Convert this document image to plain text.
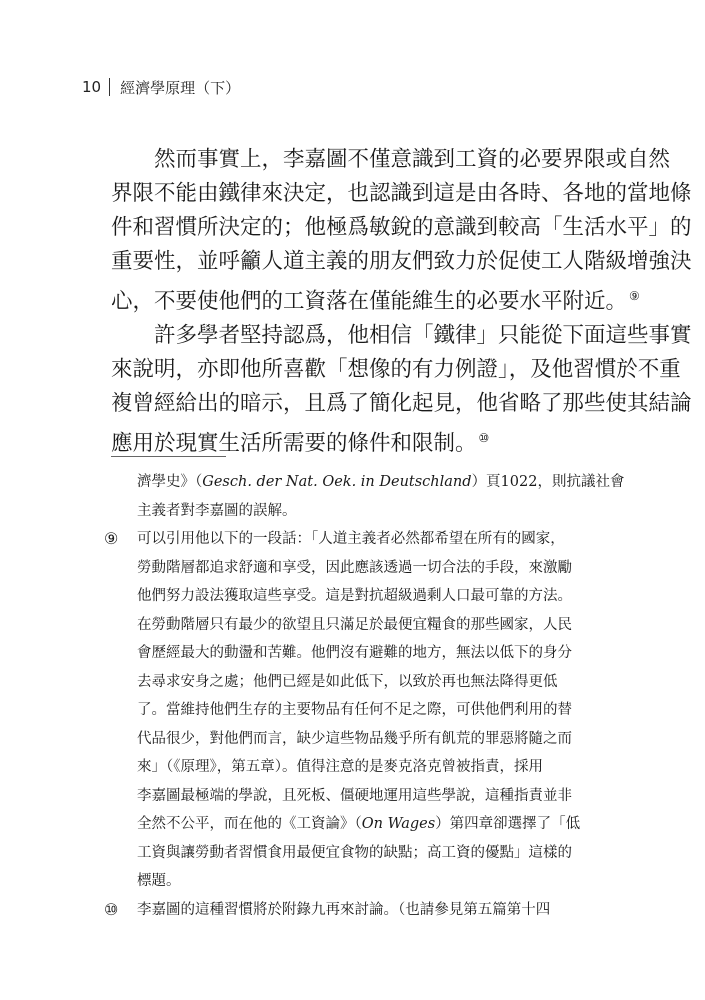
10 經濟學原理（下）

然而事實上，李嘉圖不僅意識到工資的必要界限或自然
界限不能由鐵律來決定，也認識到這是由各時、各地的當地條
件和習慣所決定的；他極爲敏銳的意識到較高「生活水平」的
重要性，並呼籲人道主義的朋友們致力於促使工人階級增強決
心，不要使他們的工資落在僅能維生的必要水平附近。 ⑨

許多學者堅持認爲，他相信「鐵律」只能從下面這些事實
來說明，亦即他所喜歡「想像的有力例證」，及他習慣於不重
複曾經給出的暗示，且爲了簡化起見，他省略了那些使其結論
應用於現實生活所需要的條件和限制。 ⑩

濟學史》（Gesch. der Nat. Oek. in Deutschland）頁1022，則抗議社會
主義者對李嘉圖的誤解。
⑨	可以引用他以下的一段話：「人道主義者必然都希望在所有的國家，
勞動階層都追求舒適和享受，因此應該透過一切合法的手段，來激勵
他們努力設法獲取這些享受。這是對抗超級過剩人口最可靠的方法。
在勞動階層只有最少的欲望且只滿足於最便宜糧食的那些國家，人民
會歷經最大的動盪和苦難。他們沒有避難的地方，無法以低下的身分
去尋求安身之處；他們已經是如此低下，以致於再也無法降得更低
了。當維持他們生存的主要物品有任何不足之際，可供他們利用的替
代品很少，對他們而言，缺少這些物品幾乎所有飢荒的罪惡將隨之而
來」（《原理》，第五章）。值得注意的是麥克洛克曾被指責，採用
李嘉圖最極端的學說，且死板、僵硬地運用這些學說，這種指責並非
全然不公平，而在他的《工資論》（On Wages）第四章卻選擇了「低
工資與讓勞動者習慣食用最便宜食物的缺點；高工資的優點」這樣的
標題。
⑩	李嘉圖的這種習慣將於附錄九再來討論。（也請參見第五篇第十四
